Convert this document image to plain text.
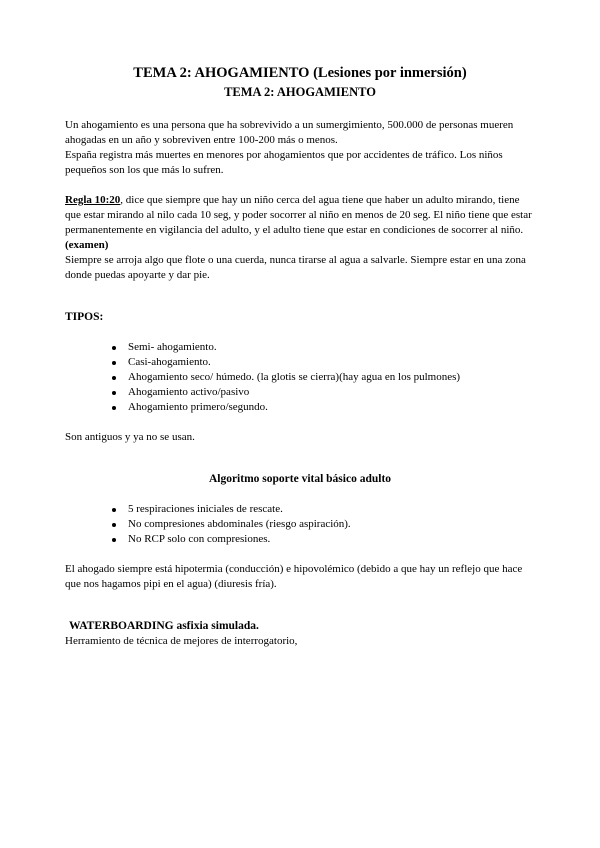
TEMA 2: AHOGAMIENTO (Lesiones por inmersión)
TEMA 2: AHOGAMIENTO

Un ahogamiento es una persona que ha sobrevivido a un sumergimiento, 500.000 de personas mueren ahogadas en un año y sobreviven entre 100-200 más o menos.

España registra más muertes en menores por ahogamientos que por accidentes de tráfico. Los niños pequeños son los que más lo sufren.

Regla 10:20, dice que siempre que hay un niño cerca del agua tiene que haber un adulto mirando, tiene que estar mirando al nilo cada 10 seg, y poder socorrer al niño en menos de 20 seg. El niño tiene que estar permanentemente en vigilancia del adulto, y el adulto tiene que estar en condiciones de socorrer al niño. (examen)

Siempre se arroja algo que flote o una cuerda, nunca tirarse al agua a salvarle. Siempre estar en una zona donde puedas apoyarte y dar pie.

TIPOS:

Semi- ahogamiento.
Casi-ahogamiento.
Ahogamiento seco/ húmedo. (la glotis se cierra)(hay agua en los pulmones)
Ahogamiento activo/pasivo
Ahogamiento primero/segundo.

Son antiguos y ya no se usan.

Algoritmo soporte vital básico adulto

5 respiraciones iniciales de rescate.
No compresiones abdominales (riesgo aspiración).
No RCP solo con compresiones.

El ahogado siempre está hipotermia (conducción) e hipovolémico (debido a que hay un reflejo que hace que nos hagamos pipi en el agua) (diuresis fría).

WATERBOARDING asfixia simulada.

Herramiento de técnica de mejores de interrogatorio,
